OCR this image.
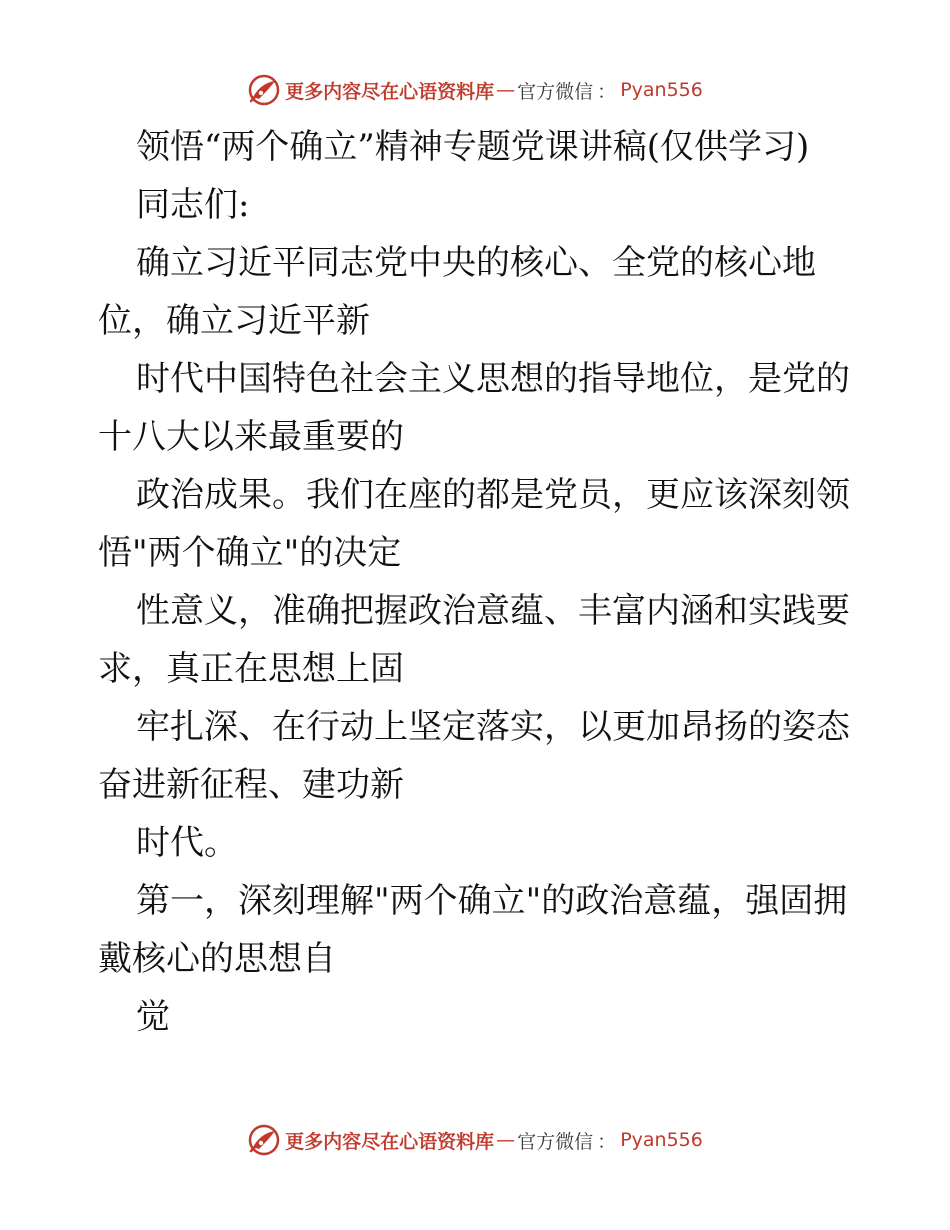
更多内容尽在心语资料库 — 官方微信 ： Pyan556

领悟“两个确立”精神专题党课讲稿(仅供学习)

同志们:

确立习近平同志党中央的核心、全党的核心地
位，确立习近平新

时代中国特色社会主义思想的指导地位，是党的
十八大以来最重要的

政治成果。我们在座的都是党员，更应该深刻领
悟"两个确立"的决定

性意义，准确把握政治意蕴、丰富内涵和实践要
求，真正在思想上固

牢扎深、在行动上坚定落实，以更加昂扬的姿态
奋进新征程、建功新

时代。

第一，深刻理解"两个确立"的政治意蕴，强固拥
戴核心的思想自

觉

更多内容尽在心语资料库 — 官方微信 ： Pyan556
